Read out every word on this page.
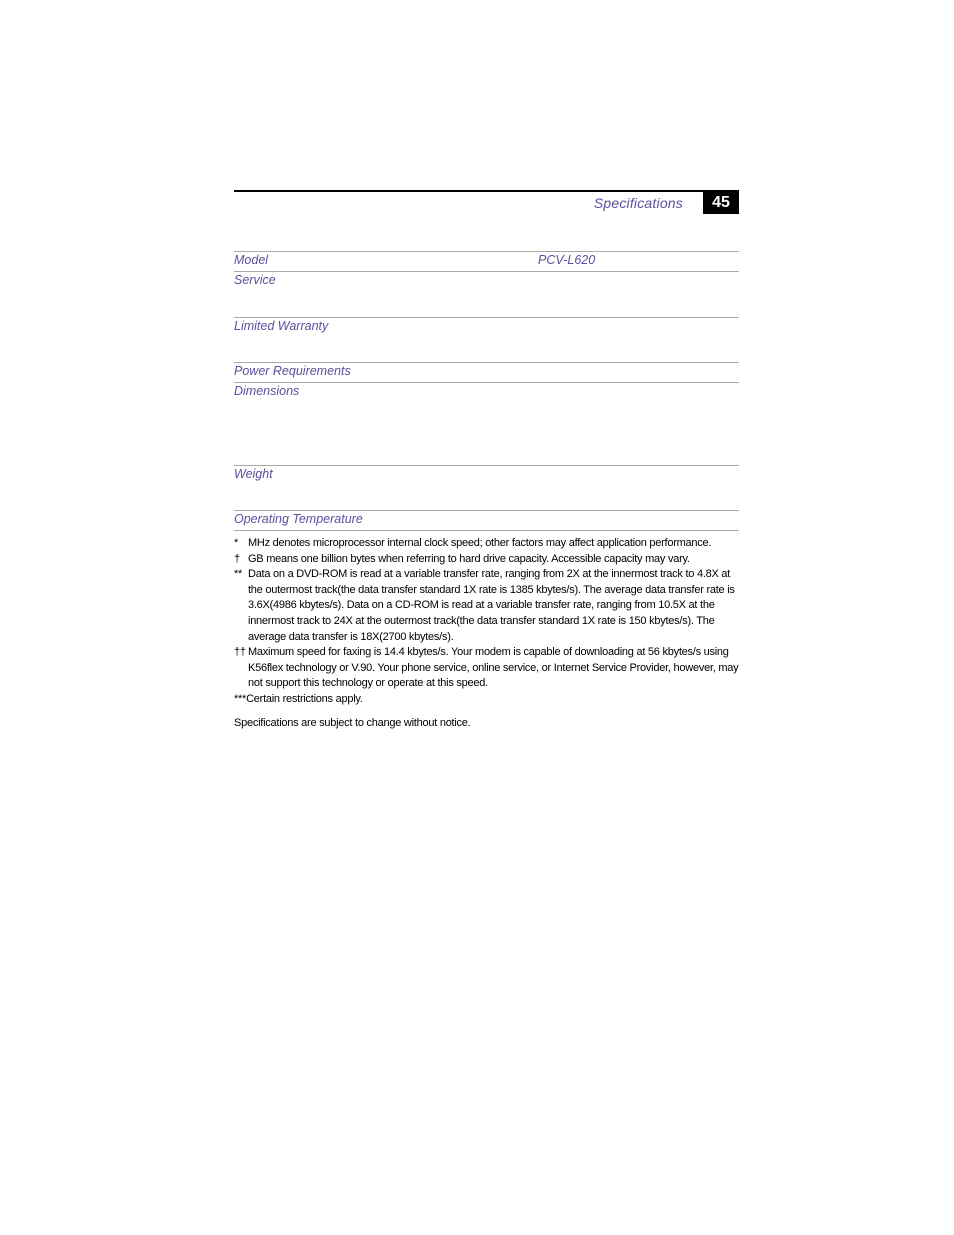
Specifications	45
Model	PCV-L620
Service
Limited Warranty
Power Requirements
Dimensions
Weight
Operating Temperature

* MHz denotes microprocessor internal clock speed; other factors may affect application performance.

† GB means one billion bytes when referring to hard drive capacity. Accessible capacity may vary.

** Data on a DVD-ROM is read at a variable transfer rate, ranging from 2X at the innermost track to 4.8X at the outermost track(the data transfer standard 1X rate is 1385 kbytes/s). The average data transfer rate is 3.6X(4986 kbytes/s). Data on a CD-ROM is read at a variable transfer rate, ranging from 10.5X at the innermost track to 24X at the outermost track(the data transfer standard 1X rate is 150 kbytes/s). The average data transfer is 18X(2700 kbytes/s).

†† Maximum speed for faxing is 14.4 kbytes/s. Your modem is capable of downloading at 56 kbytes/s using K56flex technology or V.90. Your phone service, online service, or Internet Service Provider, however, may not support this technology or operate at this speed.

***Certain restrictions apply.

Specifications are subject to change without notice.
